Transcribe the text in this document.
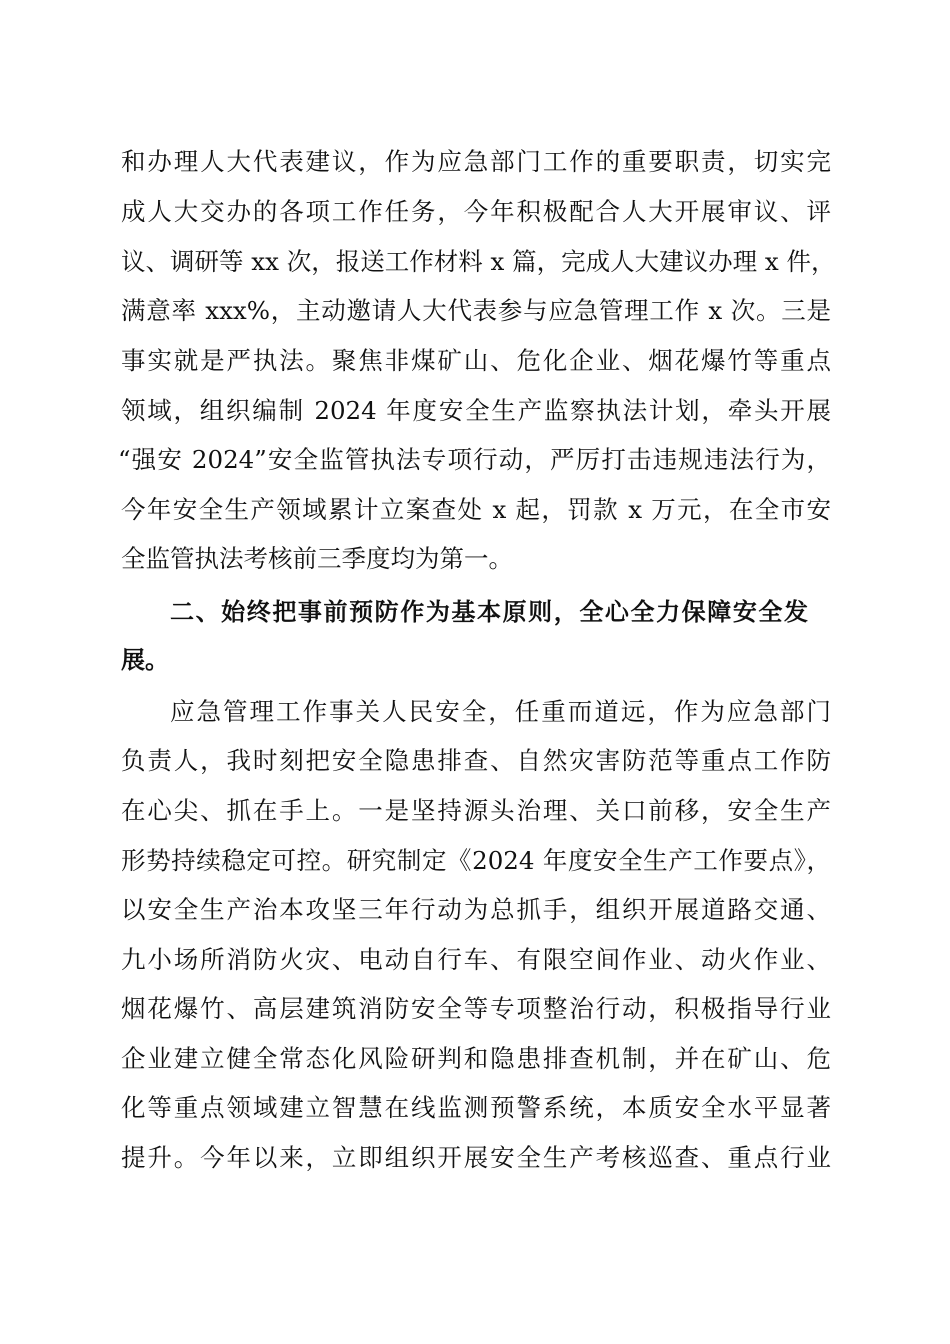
和办理人大代表建议，作为应急部门工作的重要职责，切实完
成人大交办的各项工作任务，今年积极配合人大开展审议、评
议、调研等 xx 次，报送工作材料 x 篇，完成人大建议办理 x 件，
满意率 xxx%，主动邀请人大代表参与应急管理工作 x 次。三是
事实就是严执法。聚焦非煤矿山、危化企业、烟花爆竹等重点
领域，组织编制 2024 年度安全生产监察执法计划，牵头开展
“强安 2024”安全监管执法专项行动，严厉打击违规违法行为，
今年安全生产领域累计立案查处 x 起，罚款 x 万元，在全市安
全监管执法考核前三季度均为第一。
二、始终把事前预防作为基本原则，全心全力保障安全发
展。
应急管理工作事关人民安全，任重而道远，作为应急部门
负责人，我时刻把安全隐患排查、自然灾害防范等重点工作防
在心尖、抓在手上。一是坚持源头治理、关口前移，安全生产
形势持续稳定可控。研究制定《2024 年度安全生产工作要点》，
以安全生产治本攻坚三年行动为总抓手，组织开展道路交通、
九小场所消防火灾、电动自行车、有限空间作业、动火作业、
烟花爆竹、高层建筑消防安全等专项整治行动，积极指导行业
企业建立健全常态化风险研判和隐患排查机制，并在矿山、危
化等重点领域建立智慧在线监测预警系统，本质安全水平显著
提升。今年以来，立即组织开展安全生产考核巡查、重点行业
